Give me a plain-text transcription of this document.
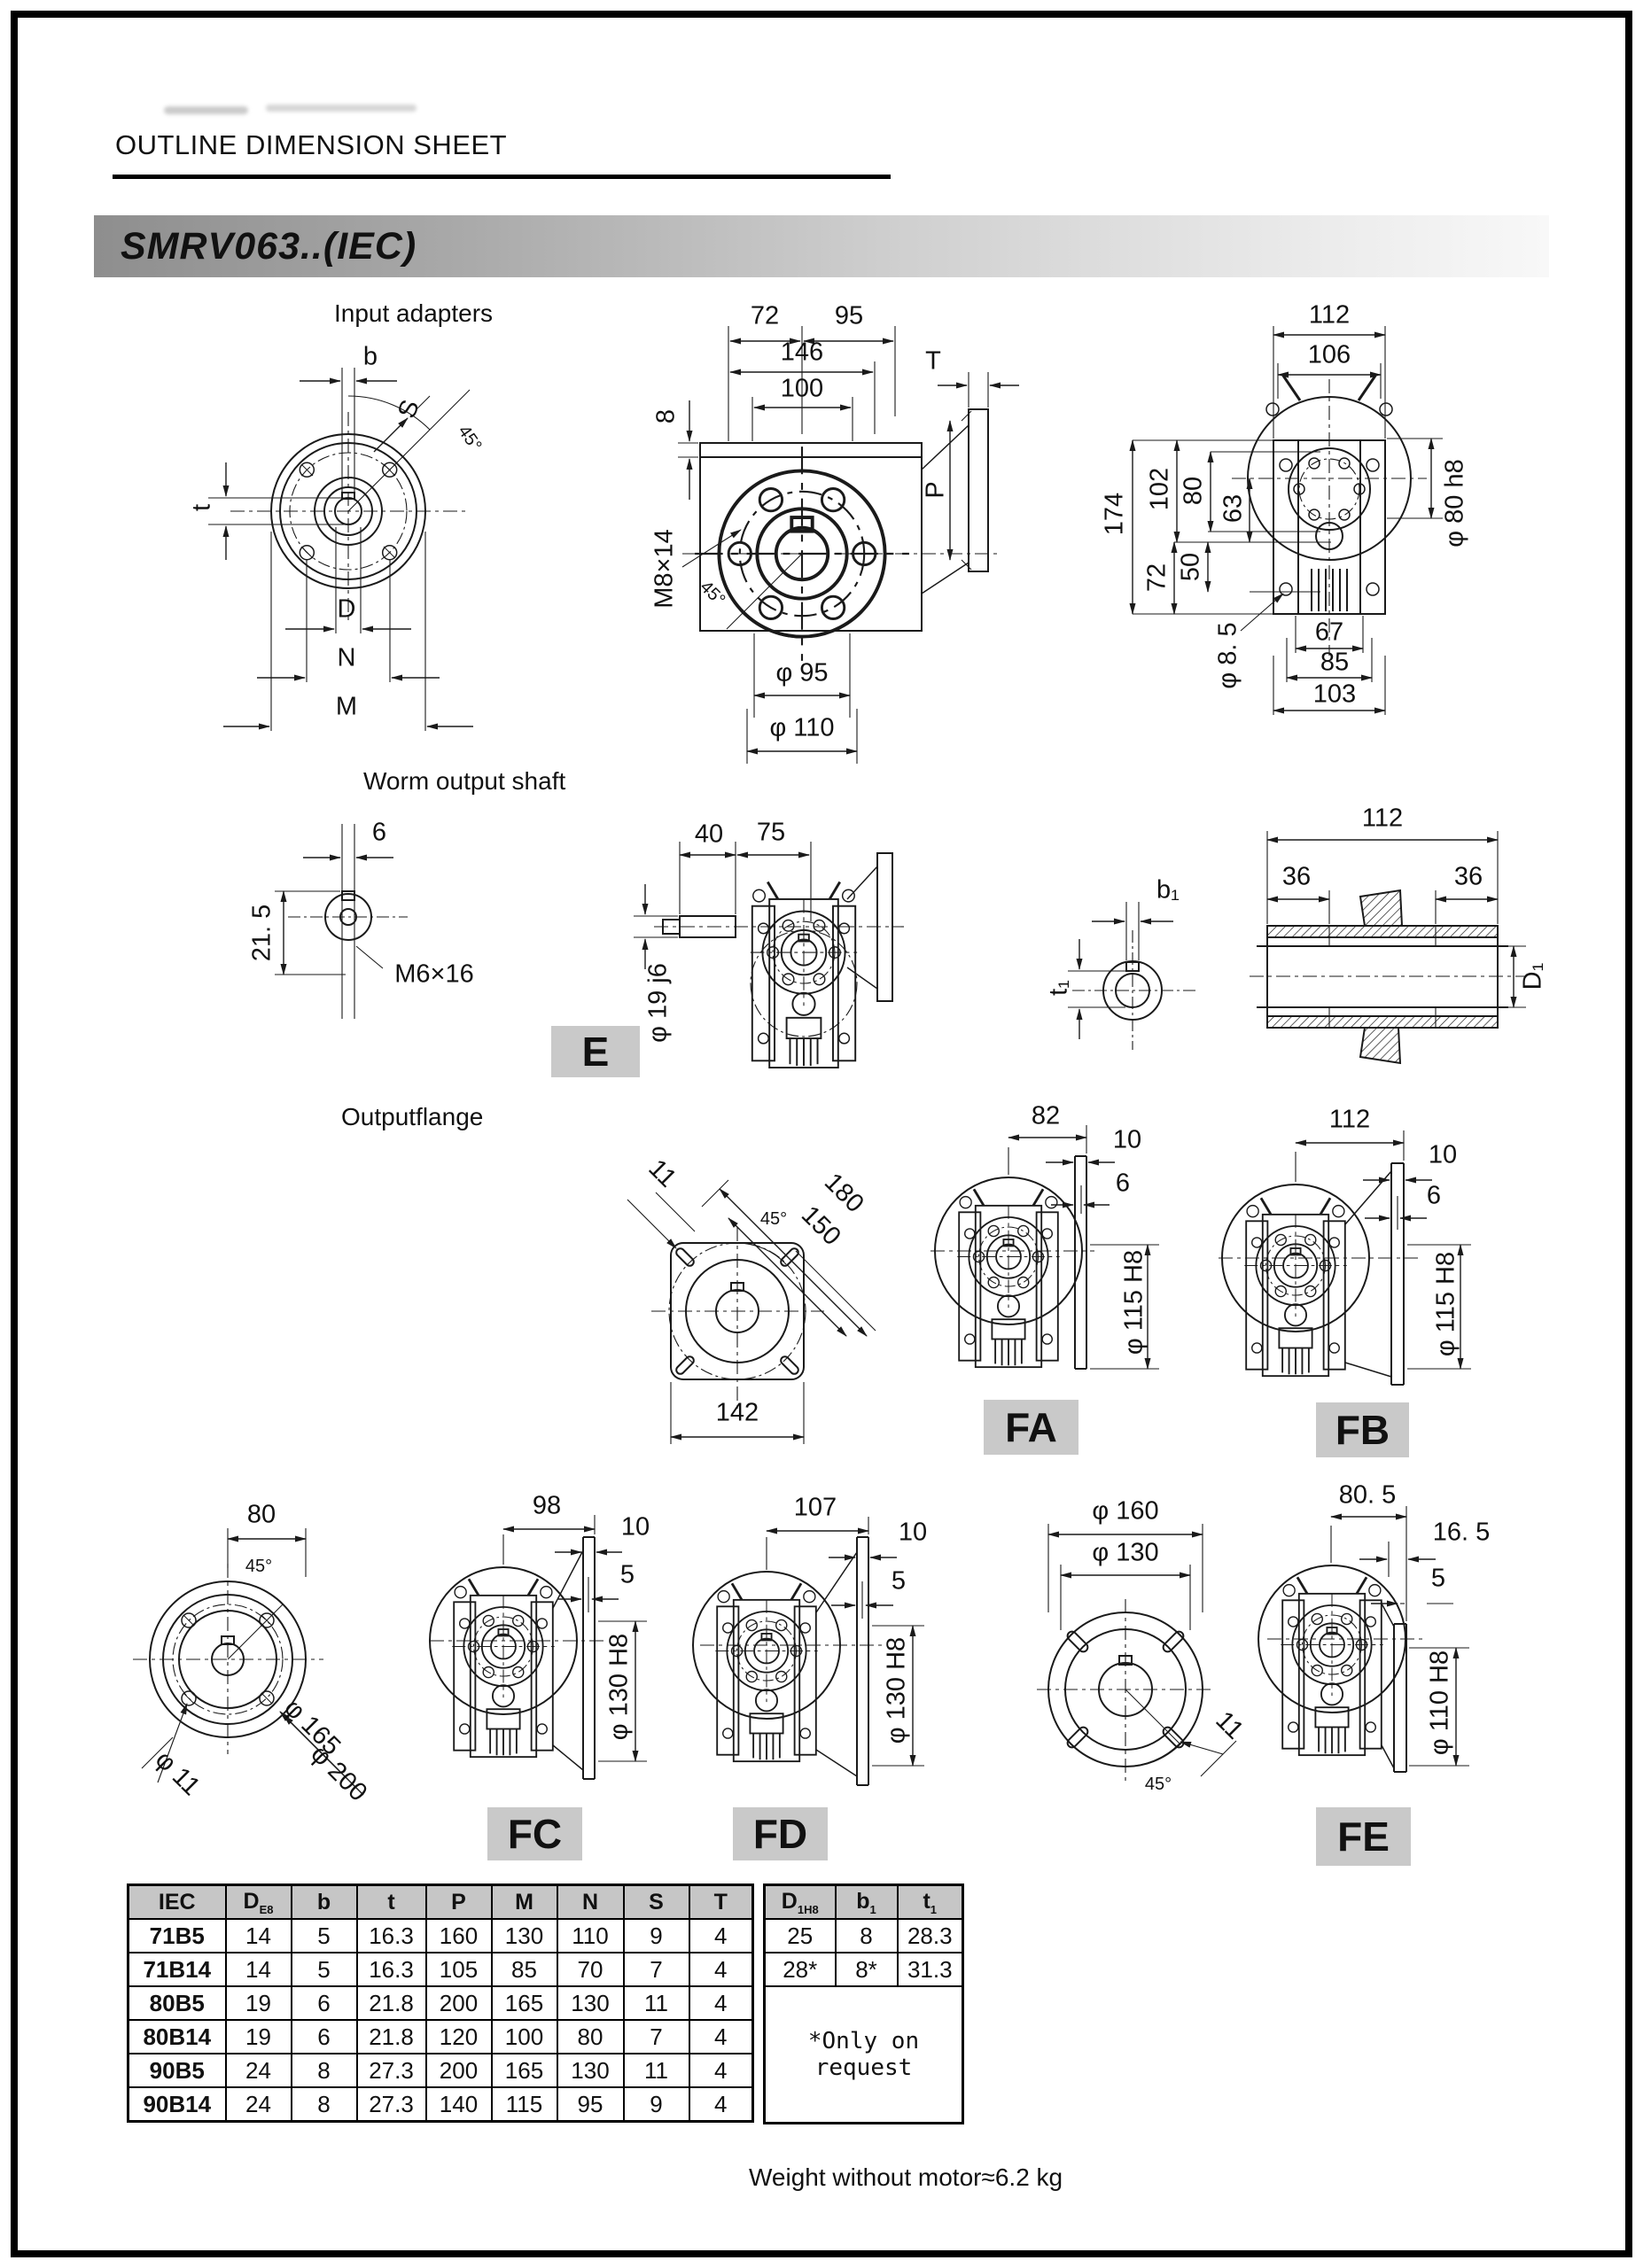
OUTLINE DIMENSION SHEET
SMRV063..(IEC)
Input adapters
Worm output shaft
Outputflange
b
S
45°
t
D
N
M
72 95
146
100
T
8
P
M8×14 45°
φ 95
φ 110
112
106
174
102 80
63
72 50
φ 8. 5	67
85
103
φ 80 h8
6
21. 5
M6×16
40 75
φ 19 j6
E
b₁
t₁
112
36	36
D₁
11
45°
180
150
142
82
10
6
φ 115 H8
FA
112
10
6
φ 115 H8
FB
80
45°
φ 11
φ 165
φ 200
98
10
5
φ 130 H8
FC
107
10
5
φ 130 H8
FD
φ 160
φ 130
11
45°
80. 5
16. 5
5
φ 110 H8
FE
IEC	$D_{E8}$	b	t	P	M	N	S	T
71B5	14	5	16.3	160	130	110	9	4
71B14	14	5	16.3	105	85	70	7	4
80B5	19	6	21.8	200	165	130	11	4
80B14	19	6	21.8	120	100	80	7	4
90B5	24	8	27.3	200	165	130	11	4
90B14	24	8	27.3	140	115	95	9	4
$D_{1H8}$	$b_1$	$t_1$
25	8	28.3
28*	8*	31.3
*Only on request		
Weight without motor≈6.2 kg
